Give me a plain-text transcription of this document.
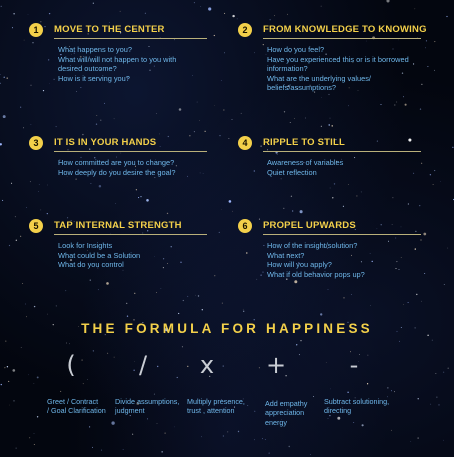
1	MOVE TO THE CENTER
What happens to you?
What will/will not happen to you with desired outcome?
How is it serving you?
2	FROM KNOWLEDGE TO KNOWING
How do you feel?
Have you experienced this or is it borrowed information?
What are the underlying values/ beliefs/assumptions?
3	IT IS IN YOUR HANDS
How committed are you to change?
How deeply do you desire the goal?
4	RIPPLE TO STILL
Awareness of variables
Quiet reflection
5	TAP INTERNAL STRENGTH
Look for Insights
What could be a Solution
What do you control
6	PROPEL UPWARDS
How of the insight/solution?
What next?
How will you apply?
What if old behavior pops up?
THE FORMULA FOR HAPPINESS
(	/	x	+	-
Greet / Contract
/ Goal Clarification
Divide assumptions,
judgment
Multiply presence,
trust , attention
Add empathy
appreciation
energy
Subtract solutioning,
directing
